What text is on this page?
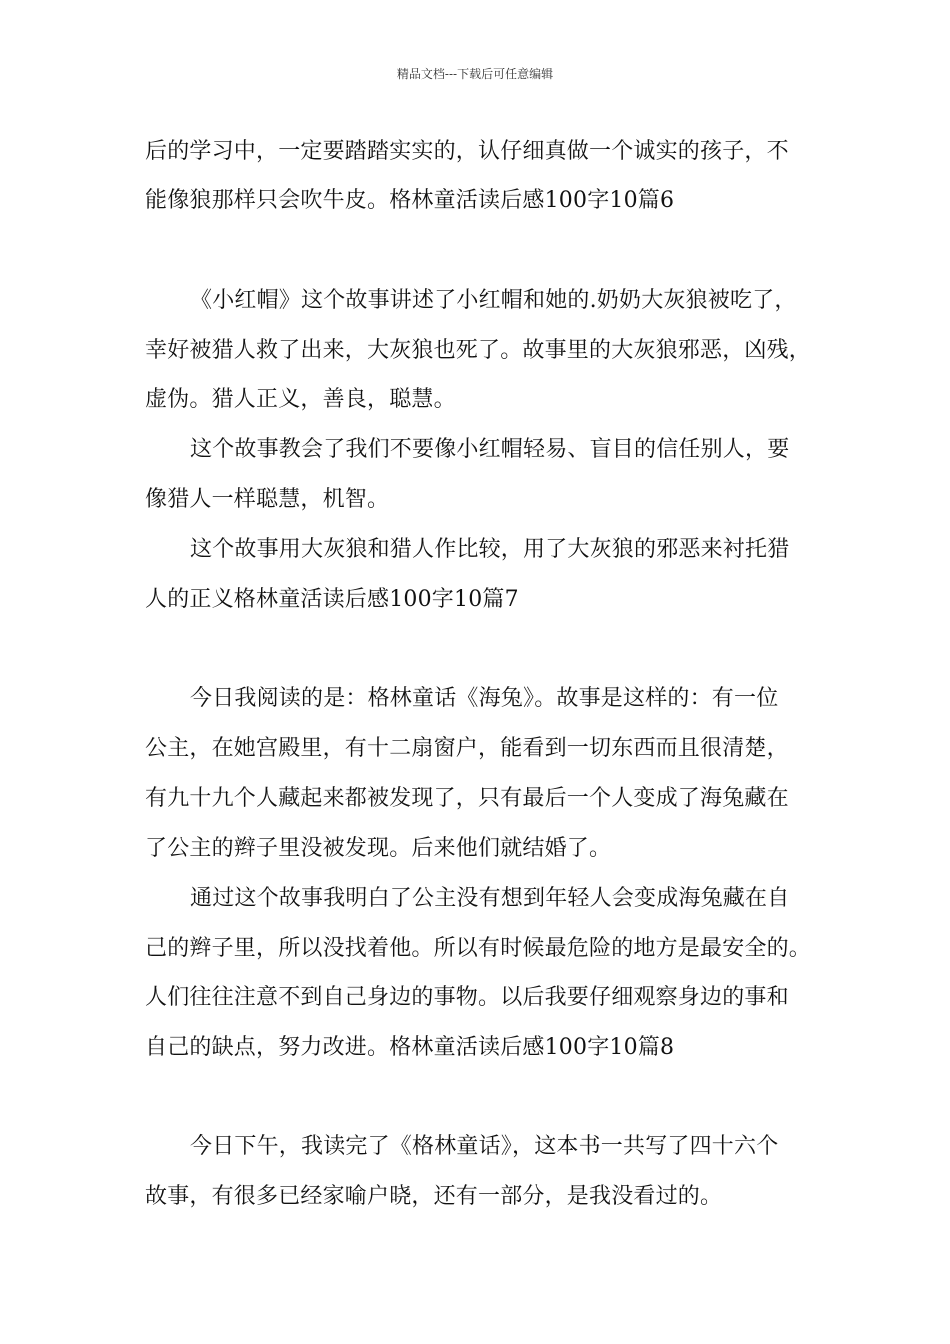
精品文档---下载后可任意编辑
后的学习中，一定要踏踏实实的，认仔细真做一个诚实的孩子，不
能像狼那样只会吹牛皮。格林童活读后感100字10篇6
《小红帽》这个故事讲述了小红帽和她的.奶奶大灰狼被吃了，
幸好被猎人救了出来，大灰狼也死了。故事里的大灰狼邪恶，凶残，
虚伪。猎人正义，善良，聪慧。
这个故事教会了我们不要像小红帽轻易、盲目的信任别人，要
像猎人一样聪慧，机智。
这个故事用大灰狼和猎人作比较，用了大灰狼的邪恶来衬托猎
人的正义格林童活读后感100字10篇7
今日我阅读的是：格林童话《海兔》。故事是这样的：有一位
公主，在她宫殿里，有十二扇窗户，能看到一切东西而且很清楚，
有九十九个人藏起来都被发现了，只有最后一个人变成了海兔藏在
了公主的辫子里没被发现。后来他们就结婚了。
通过这个故事我明白了公主没有想到年轻人会变成海兔藏在自
己的辫子里，所以没找着他。所以有时候最危险的地方是最安全的。
人们往往注意不到自己身边的事物。以后我要仔细观察身边的事和
自己的缺点，努力改进。格林童活读后感100字10篇8
今日下午，我读完了《格林童话》，这本书一共写了四十六个
故事，有很多已经家喻户晓，还有一部分，是我没看过的。
